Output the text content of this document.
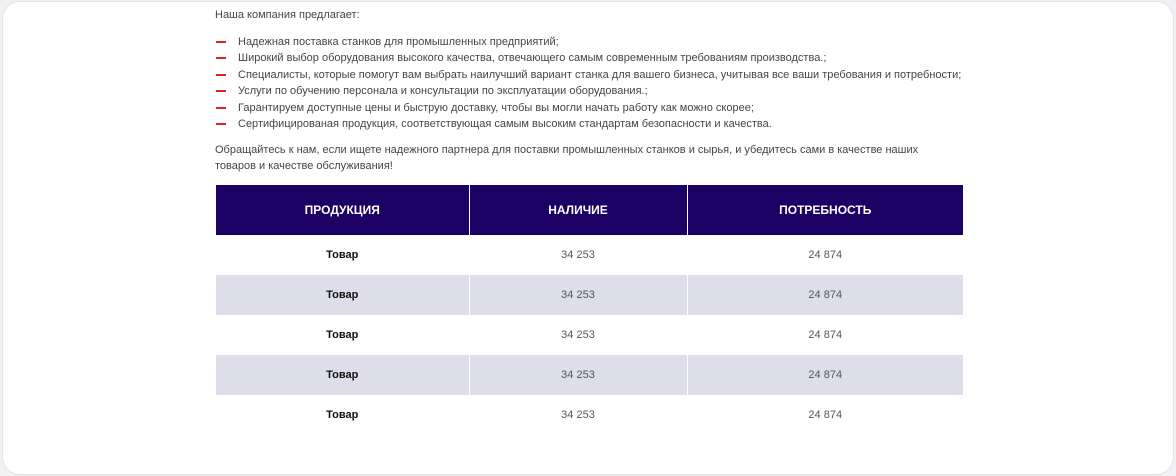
Наша компания предлагает:

Надежная поставка станков для промышленных предприятий;
Широкий выбор оборудования высокого качества, отвечающего самым современным требованиям производства.;
Специалисты, которые помогут вам выбрать наилучший вариант станка для вашего бизнеса, учитывая все ваши требования и потребности;
Услуги по обучению персонала и консультации по эксплуатации оборудования.;
Гарантируем доступные цены и быструю доставку, чтобы вы могли начать работу как можно скорее;
Сертифицированая продукция, соответствующая самым высоким стандартам безопасности и качества.

Обращайтесь к нам, если ищете надежного партнера для поставки промышленных станков и сырья, и убедитесь сами в качестве наших товаров и качестве обслуживания!

ПРОДУКЦИЯ	НАЛИЧИЕ	ПОТРЕБНОСТЬ
Товар	34 253	24 874
Товар	34 253	24 874
Товар	34 253	24 874
Товар	34 253	24 874
Товар	34 253	24 874
